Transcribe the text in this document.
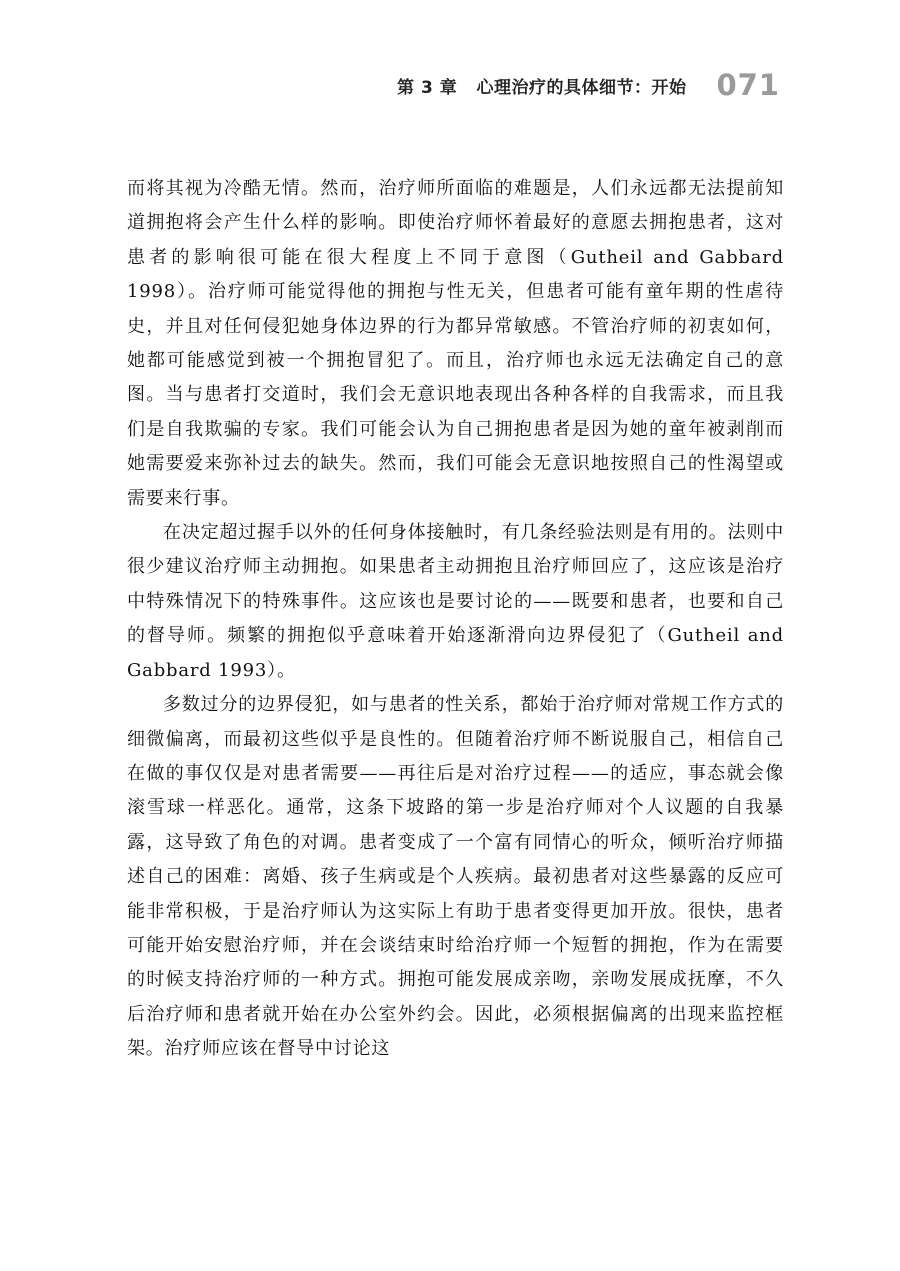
第 3 章   心理治疗的具体细节：开始 071

而将其视为冷酷无情。然而，治疗师所面临的难题是，人们永远都无法提前知道拥抱将会产生什么样的影响。即使治疗师怀着最好的意愿去拥抱患者，这对患者的影响很可能在很大程度上不同于意图（Gutheil and Gabbard 1998）。治疗师可能觉得他的拥抱与性无关，但患者可能有童年期的性虐待史，并且对任何侵犯她身体边界的行为都异常敏感。不管治疗师的初衷如何，她都可能感觉到被一个拥抱冒犯了。而且，治疗师也永远无法确定自己的意图。当与患者打交道时，我们会无意识地表现出各种各样的自我需求，而且我们是自我欺骗的专家。我们可能会认为自己拥抱患者是因为她的童年被剥削而她需要爱来弥补过去的缺失。然而，我们可能会无意识地按照自己的性渴望或需要来行事。

在决定超过握手以外的任何身体接触时，有几条经验法则是有用的。法则中很少建议治疗师主动拥抱。如果患者主动拥抱且治疗师回应了，这应该是治疗中特殊情况下的特殊事件。这应该也是要讨论的——既要和患者，也要和自己的督导师。频繁的拥抱似乎意味着开始逐渐滑向边界侵犯了（Gutheil and Gabbard 1993）。

多数过分的边界侵犯，如与患者的性关系，都始于治疗师对常规工作方式的细微偏离，而最初这些似乎是良性的。但随着治疗师不断说服自己，相信自己在做的事仅仅是对患者需要——再往后是对治疗过程——的适应，事态就会像滚雪球一样恶化。通常，这条下坡路的第一步是治疗师对个人议题的自我暴露，这导致了角色的对调。患者变成了一个富有同情心的听众，倾听治疗师描述自己的困难：离婚、孩子生病或是个人疾病。最初患者对这些暴露的反应可能非常积极，于是治疗师认为这实际上有助于患者变得更加开放。很快，患者可能开始安慰治疗师，并在会谈结束时给治疗师一个短暂的拥抱，作为在需要的时候支持治疗师的一种方式。拥抱可能发展成亲吻，亲吻发展成抚摩，不久后治疗师和患者就开始在办公室外约会。因此，必须根据偏离的出现来监控框架。治疗师应该在督导中讨论这
